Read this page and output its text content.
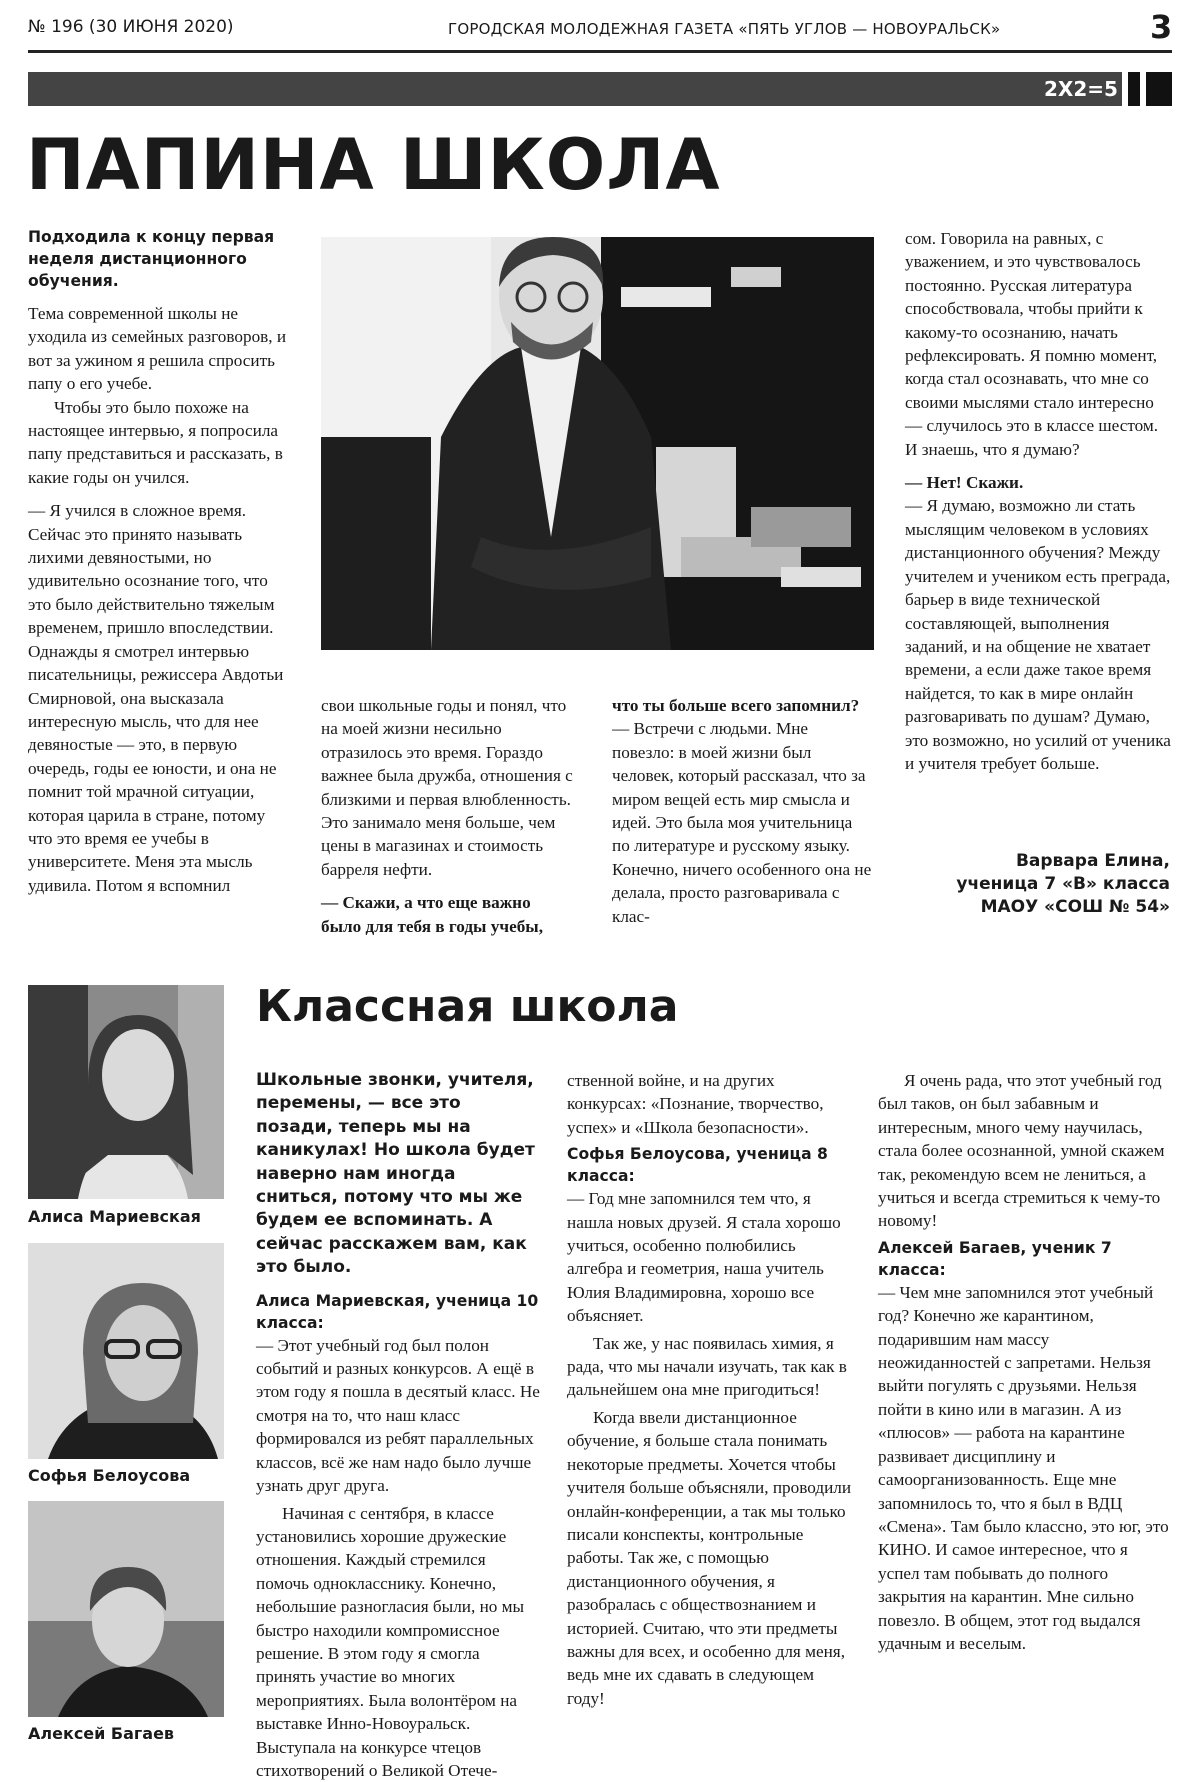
№ 196 (30 ИЮНЯ 2020)	ГОРОДСКАЯ МОЛОДЕЖНАЯ ГАЗЕТА «ПЯТЬ УГЛОВ — НОВОУРАЛЬСК»	3
2Х2=5
ПАПИНА ШКОЛА

Подходила к концу первая неделя дистанционного обучения.

Тема современной школы не уходила из семейных разговоров, и вот за ужином я решила спросить папу о его учебе.

Чтобы это было похоже на настоящее интервью, я попросила папу представиться и рассказать, в какие годы он учился.

— Я учился в сложное время. Сейчас это принято называть лихими девяностыми, но удивительно осознание того, что это было действительно тяжелым временем, пришло впоследствии. Однажды я смотрел интервью писательницы, режиссера Авдотьи Смирновой, она высказала интересную мысль, что для нее девяностые — это, в первую очередь, годы ее юности, и она не помнит той мрачной ситуации, которая царила в стране, потому что это время ее учебы в университете. Меня эта мысль удивила. Потом я вспомнил

свои школьные годы и понял, что на моей жизни несильно отразилось это время. Гораздо важнее была дружба, отношения с близкими и первая влюбленность. Это занимало меня больше, чем цены в магазинах и стоимость барреля нефти.

— Скажи, а что еще важно было для тебя в годы учебы,

что ты больше всего запомнил?

— Встречи с людьми. Мне повезло: в моей жизни был человек, который рассказал, что за миром вещей есть мир смысла и идей. Это была моя учительница по литературе и русскому языку. Конечно, ничего особенного она не делала, просто разговаривала с клас-

сом. Говорила на равных, с уважением, и это чувствовалось постоянно. Русская литература способствовала, чтобы прийти к какому-то осознанию, начать рефлексировать. Я помню момент, когда стал осознавать, что мне со своими мыслями стало интересно — случилось это в классе шестом. И знаешь, что я думаю?

— Нет! Скажи.

— Я думаю, возможно ли стать мыслящим человеком в условиях дистанционного обучения? Между учителем и учеником есть преграда, барьер в виде технической составляющей, выполнения заданий, и на общение не хватает времени, а если даже такое время найдется, то как в мире онлайн разговаривать по душам? Думаю, это возможно, но усилий от ученика и учителя требует больше.

Варвара Елина,
ученица 7 «В» класса
МАОУ «СОШ № 54»
Классная школа
Алиса Мариевская
Софья Белоусова
Алексей Багаев

Школьные звонки, учителя, перемены, — все это позади, теперь мы на каникулах! Но школа будет наверно нам иногда сниться, потому что мы же будем ее вспоминать. А сейчас расскажем вам, как это было.

Алиса Мариевская, ученица 10 класса:

— Этот учебный год был полон событий и разных конкурсов. А ещё в этом году я пошла в десятый класс. Не смотря на то, что наш класс формировался из ребят параллельных классов, всё же нам надо было лучше узнать друг друга.

Начиная с сентября, в классе установились хорошие дружеские отношения. Каждый стремился помочь однокласснику. Конечно, небольшие разногласия были, но мы быстро находили компромиссное решение. В этом году я смогла принять участие во многих мероприятиях. Была волонтёром на выставке Инно-Новоуральск. Выступала на конкурсе чтецов стихотворений о Великой Отече-

ственной войне, и на других конкурсах: «Познание, творчество, успех» и «Школа безопасности».

Софья Белоусова, ученица 8 класса:

— Год мне запомнился тем что, я нашла новых друзей. Я стала хорошо учиться, особенно полюбились алгебра и геометрия, наша учитель Юлия Владимировна, хорошо все объясняет.

Так же, у нас появилась химия, я рада, что мы начали изучать, так как в дальнейшем она мне пригодиться!

Когда ввели дистанционное обучение, я больше стала понимать некоторые предметы. Хочется чтобы учителя больше объясняли, проводили онлайн-конференции, а так мы только писали конспекты, контрольные работы. Так же, с помощью дистанционного обучения, я разобралась с обществознанием и историей. Считаю, что эти предметы важны для всех, и особенно для меня, ведь мне их сдавать в следующем году!

Я очень рада, что этот учебный год был таков, он был забавным и интересным, много чему научилась, стала более осознанной, умной скажем так, рекомендую всем не лениться, а учиться и всегда стремиться к чему-то новому!

Алексей Багаев, ученик 7 класса:

— Чем мне запомнился этот учебный год? Конечно же карантином, подарившим нам массу неожиданностей с запретами. Нельзя выйти погулять с друзьями. Нельзя пойти в кино или в магазин. А из «плюсов» — работа на карантине развивает дисциплину и самоорганизованность. Еще мне запомнилось то, что я был в ВДЦ «Смена». Там было классно, это юг, это КИНО. И самое интересное, что я успел там побывать до полного закрытия на карантин. Мне сильно повезло. В общем, этот год выдался удачным и веселым.
